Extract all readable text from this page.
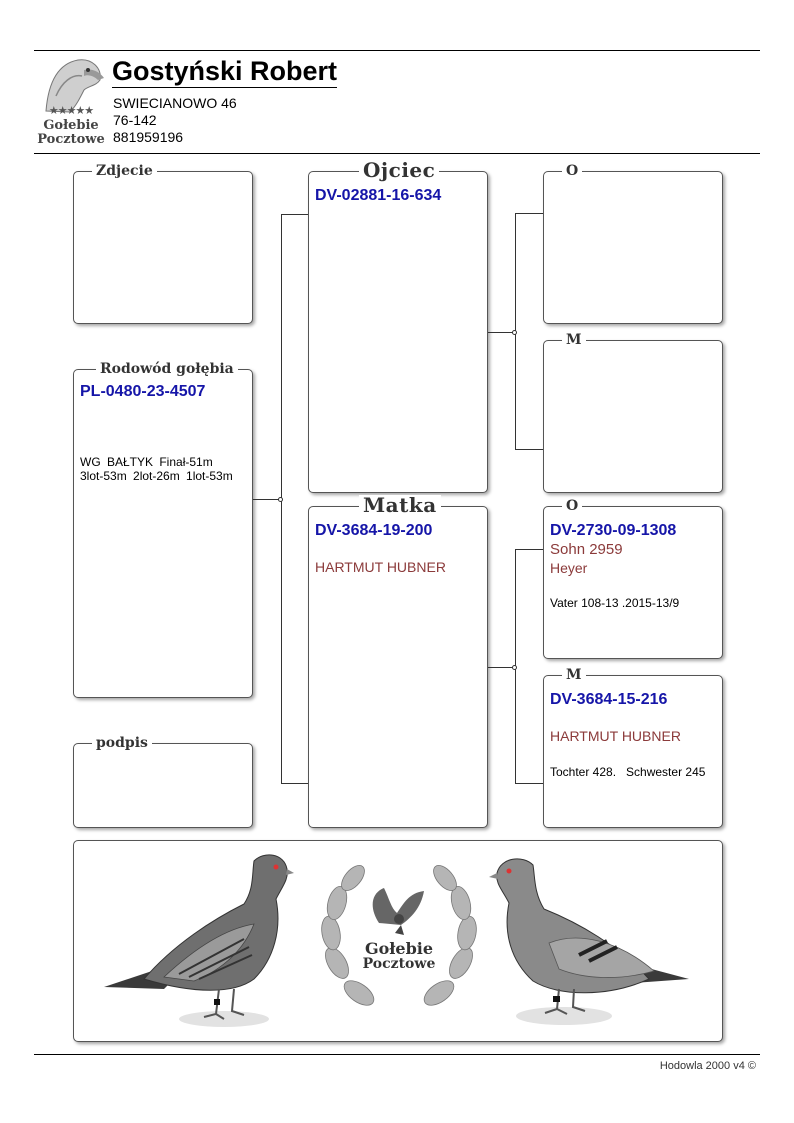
★★★★★
Gołebie
Pocztowe
Gostyński Robert
SWIECIANOWO 46
76-142
881959196
Zdjecie
Rodowód gołębia
PL-0480-23-4507
WG BAŁTYK Finał-51m 3lot-53m 2lot-26m 1lot-53m
podpis
Ojciec
DV-02881-16-634
Matka
DV-3684-19-200
HARTMUT HUBNER
O
M
O
DV-2730-09-1308
Sohn 2959
Heyer
Vater 108-13 .2015-13/9
M
DV-3684-15-216
HARTMUT HUBNER
Tochter 428.   Schwester 245
Gołebie
Pocztowe
Hodowla 2000 v4 ©
